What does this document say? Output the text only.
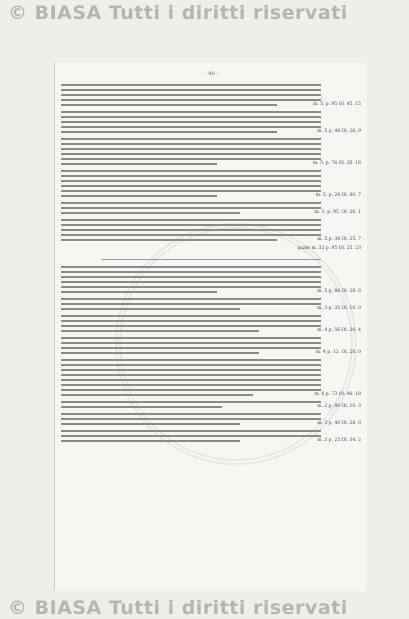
© BIASA Tutti i diritti riservati
- 90 -
m. 5. p. 95 Ol. 45. 15
m. 5 p. 48 Ol. 26. 9
m. 5. p. 76 Ol. 26. 16
m. 5. p. 28 Ol. 60. 7
m. 3. p. 95. Ol. 26. 1
m. 5 p. 38 Ol. 25. 7
quale m. 33 p. 95 Ol. 25. 23
m. 5 p. 86 Ol. 28. 6
m. 3 p. 35 Ol. 10. 0
m. 4 p. 56 Ol. 26. 4
m. 4 p. 12. Ol. 20. 0
m. 6 p. 73 Ol. 46. 18
m. 2 p. 80 Ol. 10. 3
m. 3 p. 40 Ol. 28. 0
m. 3 p. 25 Ol. 34. 2
© BIASA Tutti i diritti riservati
